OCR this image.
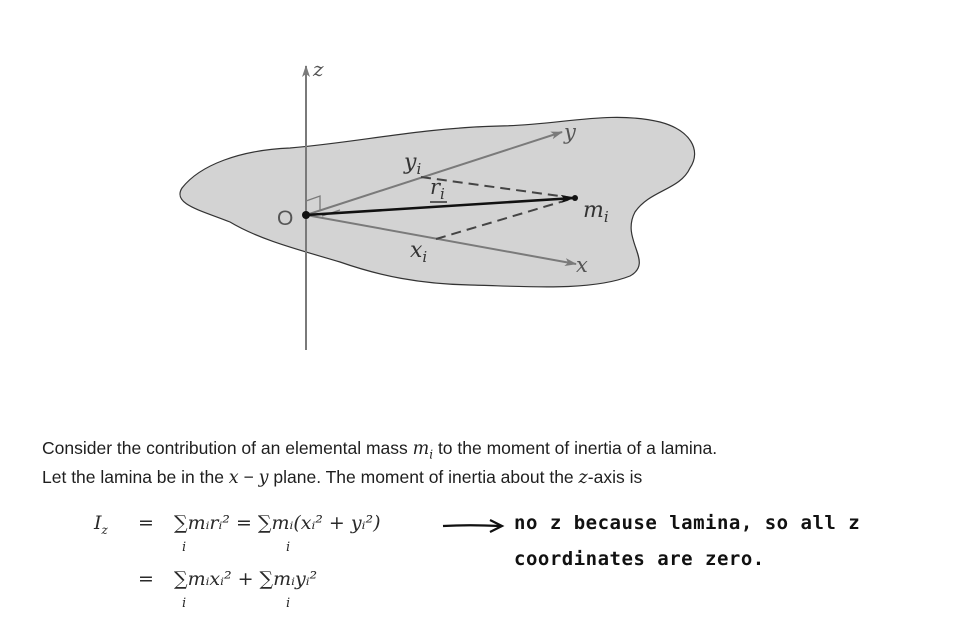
z
y
x
O
$y_i$
$x_i$
$r_i$
$m_i$
Consider the contribution of an elemental mass $m_i$ to the moment of inertia of a lamina.
Let the lamina be in the x − y plane. The moment of inertia about the z-axis is
$I_z$ = ∑mᵢrᵢ² = ∑mᵢ(xᵢ² + yᵢ²)
i	i
= ∑mᵢxᵢ² + ∑mᵢyᵢ²
i	i
no z because lamina, so all z
coordinates are zero.
